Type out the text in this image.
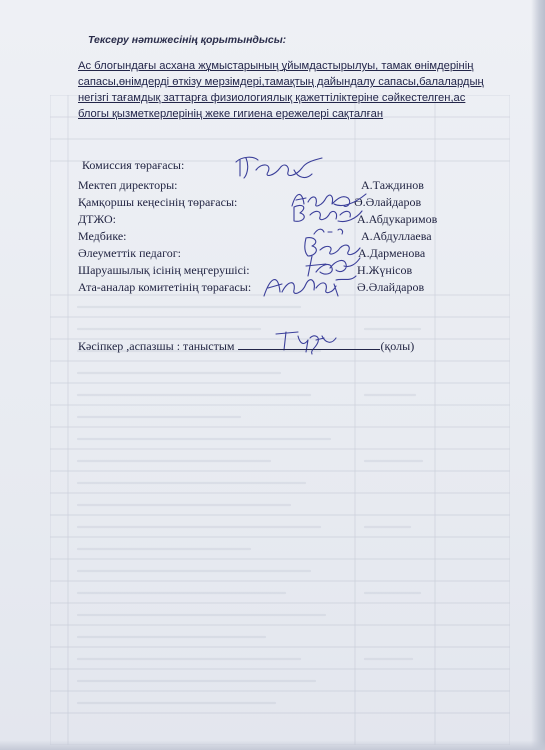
Тексеру нәтижесінің қорытындысы:
Ас блогындағы асхана жұмыстарының ұйымдастырылуы, тамак өнімдерінің
сапасы,өнімдерді өткізу мерзімдері,тамақтың дайындалу сапасы,балалардың
негізгі тағамдық заттарға физиологиялық қажеттіліктеріне сәйкестелген,ас
блогы қызметкерлерінің жеке гигиена ережелері сақталған
Комиссия төрағасы:
Мектеп директоры:	А.Таждинов
Қамқоршы кеңесінің төрағасы:	Ә.Әлайдаров
ДТЖО:	А.Абдукаримов
Медбике:	А.Абдуллаева
Әлеуметтік педагог:	А.Дарменова
Шаруашылық ісінің меңгерушісі:	Н.Жүнісов
Ата-аналар комитетінің төрағасы:	Ә.Әлайдаров
Кәсіпкер ,аспазшы : таныстым	(қолы)
